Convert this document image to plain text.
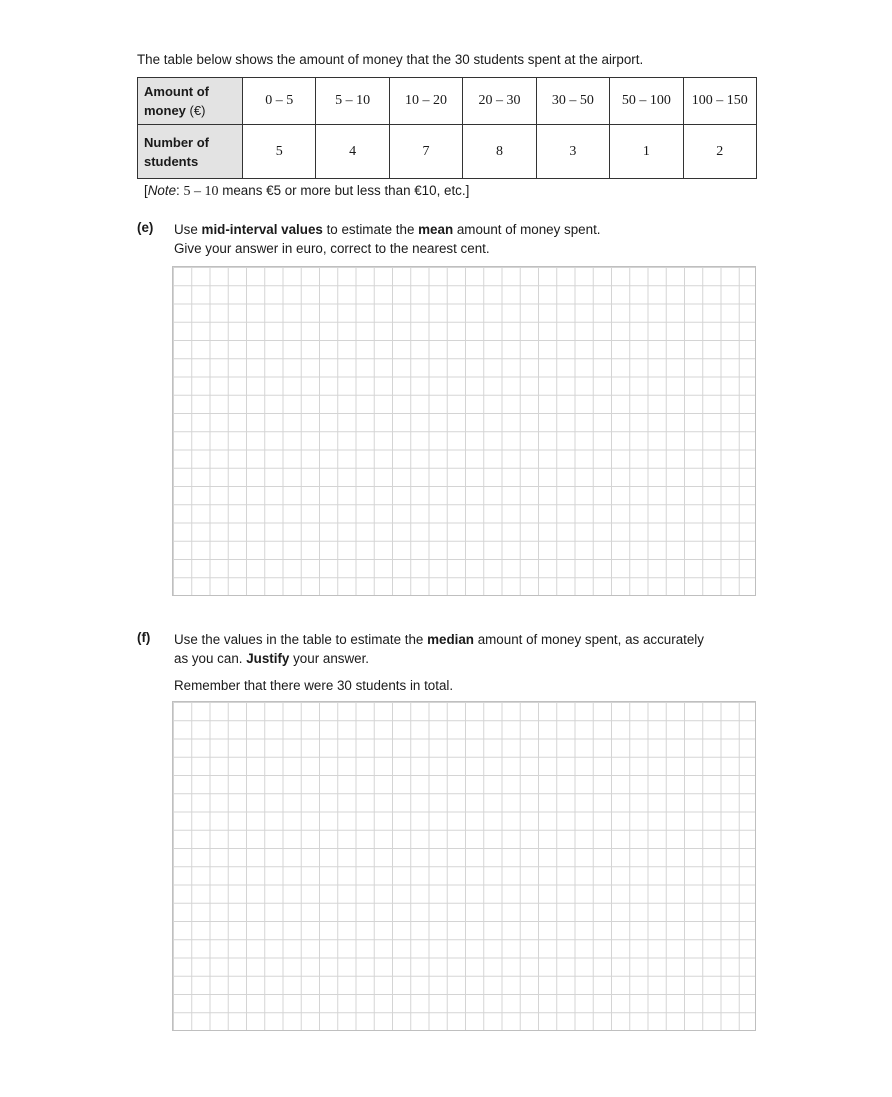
The table below shows the amount of money that the 30 students spent at the airport.
Amount of money (€)	0 – 5	5 – 10	10 – 20	20 – 30	30 – 50	50 – 100	100 – 150
Number of students	5	4	7	8	3	1	2
[Note: 5 – 10 means €5 or more but less than €10, etc.]
(e) Use mid-interval values to estimate the mean amount of money spent.
Give your answer in euro, correct to the nearest cent.
(f) Use the values in the table to estimate the median amount of money spent, as accurately
as you can. Justify your answer.
Remember that there were 30 students in total.
